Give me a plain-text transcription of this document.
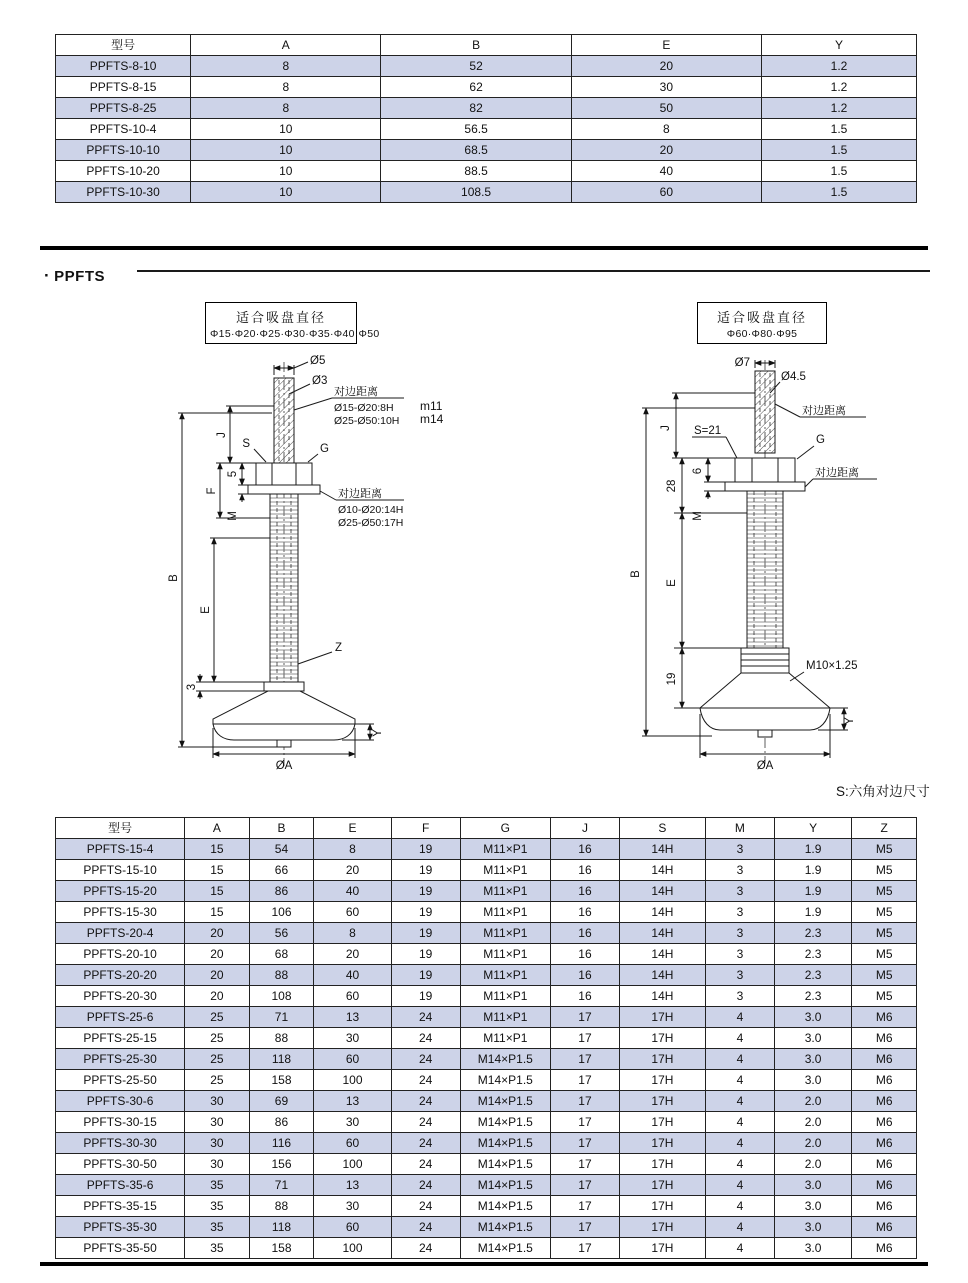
型号	A	B	E	Y
PPFTS-8-10	8	52	20	1.2
PPFTS-8-15	8	62	30	1.2
PPFTS-8-25	8	82	50	1.2
PPFTS-10-4	10	56.5	8	1.5
PPFTS-10-10	10	68.5	20	1.5
PPFTS-10-20	10	88.5	40	1.5
PPFTS-10-30	10	108.5	60	1.5
· PPFTS
适合吸盘直径
Φ15·Φ20·Φ25·Φ30·Φ35·Φ40·Φ50
适合吸盘直径
Φ60·Φ80·Φ95
Ø5
Ø3
对边距离
Ø15-Ø20:8H
Ø25-Ø50:10H
m11
m14
S	G
对边距离
Ø10-Ø20:14H
Ø25-Ø50:17H
J
F
5
M
B
E
3
Z
ØA
Y
Ø7
Ø4.5
J S=21
对边距离
G
对边距离
6
28
M
B
E
19
M10×1.25
ØA
Y
S:六角对边尺寸
型号	A	B	E	F	G	J	S	M	Y	Z
PPFTS-15-4	15	54	8	19	M11×P1	16	14H	3	1.9	M5
PPFTS-15-10	15	66	20	19	M11×P1	16	14H	3	1.9	M5
PPFTS-15-20	15	86	40	19	M11×P1	16	14H	3	1.9	M5
PPFTS-15-30	15	106	60	19	M11×P1	16	14H	3	1.9	M5
PPFTS-20-4	20	56	8	19	M11×P1	16	14H	3	2.3	M5
PPFTS-20-10	20	68	20	19	M11×P1	16	14H	3	2.3	M5
PPFTS-20-20	20	88	40	19	M11×P1	16	14H	3	2.3	M5
PPFTS-20-30	20	108	60	19	M11×P1	16	14H	3	2.3	M5
PPFTS-25-6	25	71	13	24	M11×P1	17	17H	4	3.0	M6
PPFTS-25-15	25	88	30	24	M11×P1	17	17H	4	3.0	M6
PPFTS-25-30	25	118	60	24	M14×P1.5	17	17H	4	3.0	M6
PPFTS-25-50	25	158	100	24	M14×P1.5	17	17H	4	3.0	M6
PPFTS-30-6	30	69	13	24	M14×P1.5	17	17H	4	2.0	M6
PPFTS-30-15	30	86	30	24	M14×P1.5	17	17H	4	2.0	M6
PPFTS-30-30	30	116	60	24	M14×P1.5	17	17H	4	2.0	M6
PPFTS-30-50	30	156	100	24	M14×P1.5	17	17H	4	2.0	M6
PPFTS-35-6	35	71	13	24	M14×P1.5	17	17H	4	3.0	M6
PPFTS-35-15	35	88	30	24	M14×P1.5	17	17H	4	3.0	M6
PPFTS-35-30	35	118	60	24	M14×P1.5	17	17H	4	3.0	M6
PPFTS-35-50	35	158	100	24	M14×P1.5	17	17H	4	3.0	M6
